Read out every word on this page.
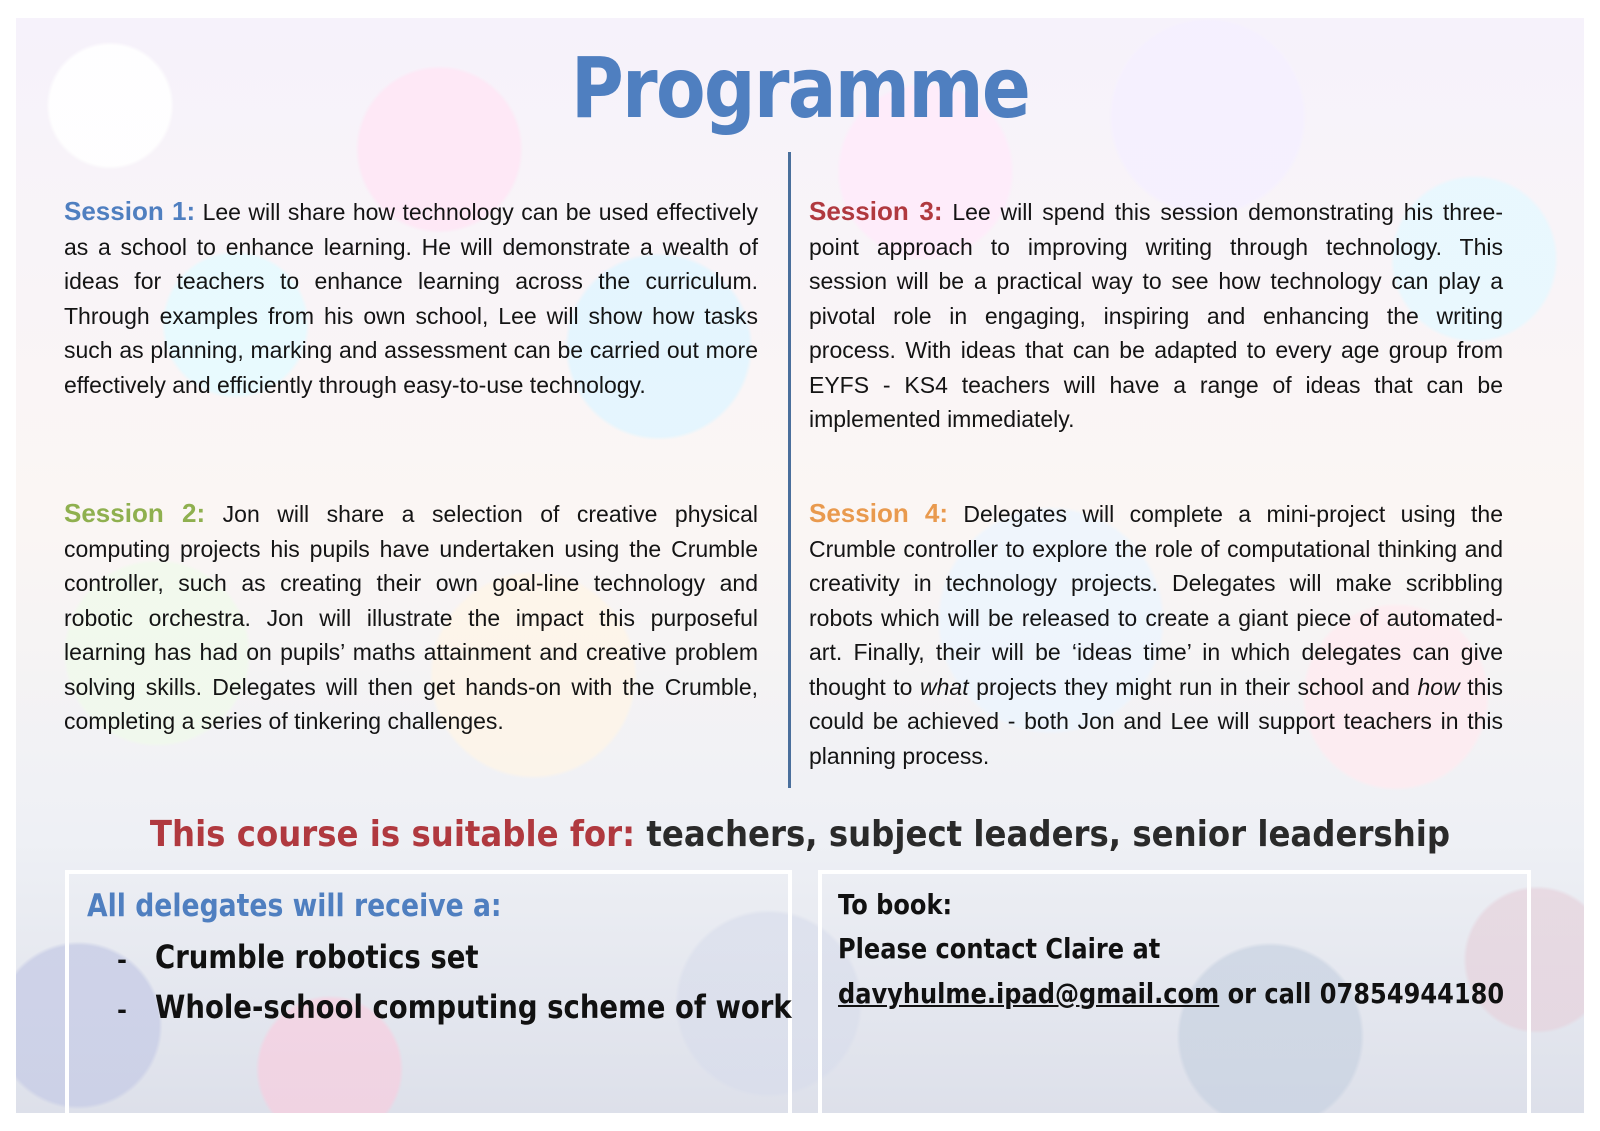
Programme
Session 1: Lee will share how technology can be used effectively as a school to enhance learning. He will demonstrate a wealth of ideas for teachers to enhance learning across the curriculum. Through examples from his own school, Lee will show how tasks such as planning, marking and assessment can be carried out more effectively and efficiently through easy-to-use technology.
Session 2: Jon will share a selection of creative physical computing projects his pupils have undertaken using the Crumble controller, such as creating their own goal-line technology and robotic orchestra. Jon will illustrate the impact this purposeful learning has had on pupils’ maths attainment and creative problem solving skills. Delegates will then get hands-on with the Crumble, completing a series of tinkering challenges.
Session 3: Lee will spend this session demonstrating his three-point approach to improving writing through technology. This session will be a practical way to see how technology can play a pivotal role in engaging, inspiring and enhancing the writing process. With ideas that can be adapted to every age group from EYFS - KS4 teachers will have a range of ideas that can be implemented immediately.
Session 4: Delegates will complete a mini-project using the Crumble controller to explore the role of computational thinking and creativity in technology projects. Delegates will make scribbling robots which will be released to create a giant piece of automated-art. Finally, their will be ‘ideas time’ in which delegates can give thought to what projects they might run in their school and how this could be achieved - both Jon and Lee will support teachers in this planning process.
This course is suitable for: teachers, subject leaders, senior leadership
All delegates will receive a:
- Crumble robotics set
- Whole-school computing scheme of work
To book:
Please contact Claire at
davyhulme.ipad@gmail.com or call 07854944180
